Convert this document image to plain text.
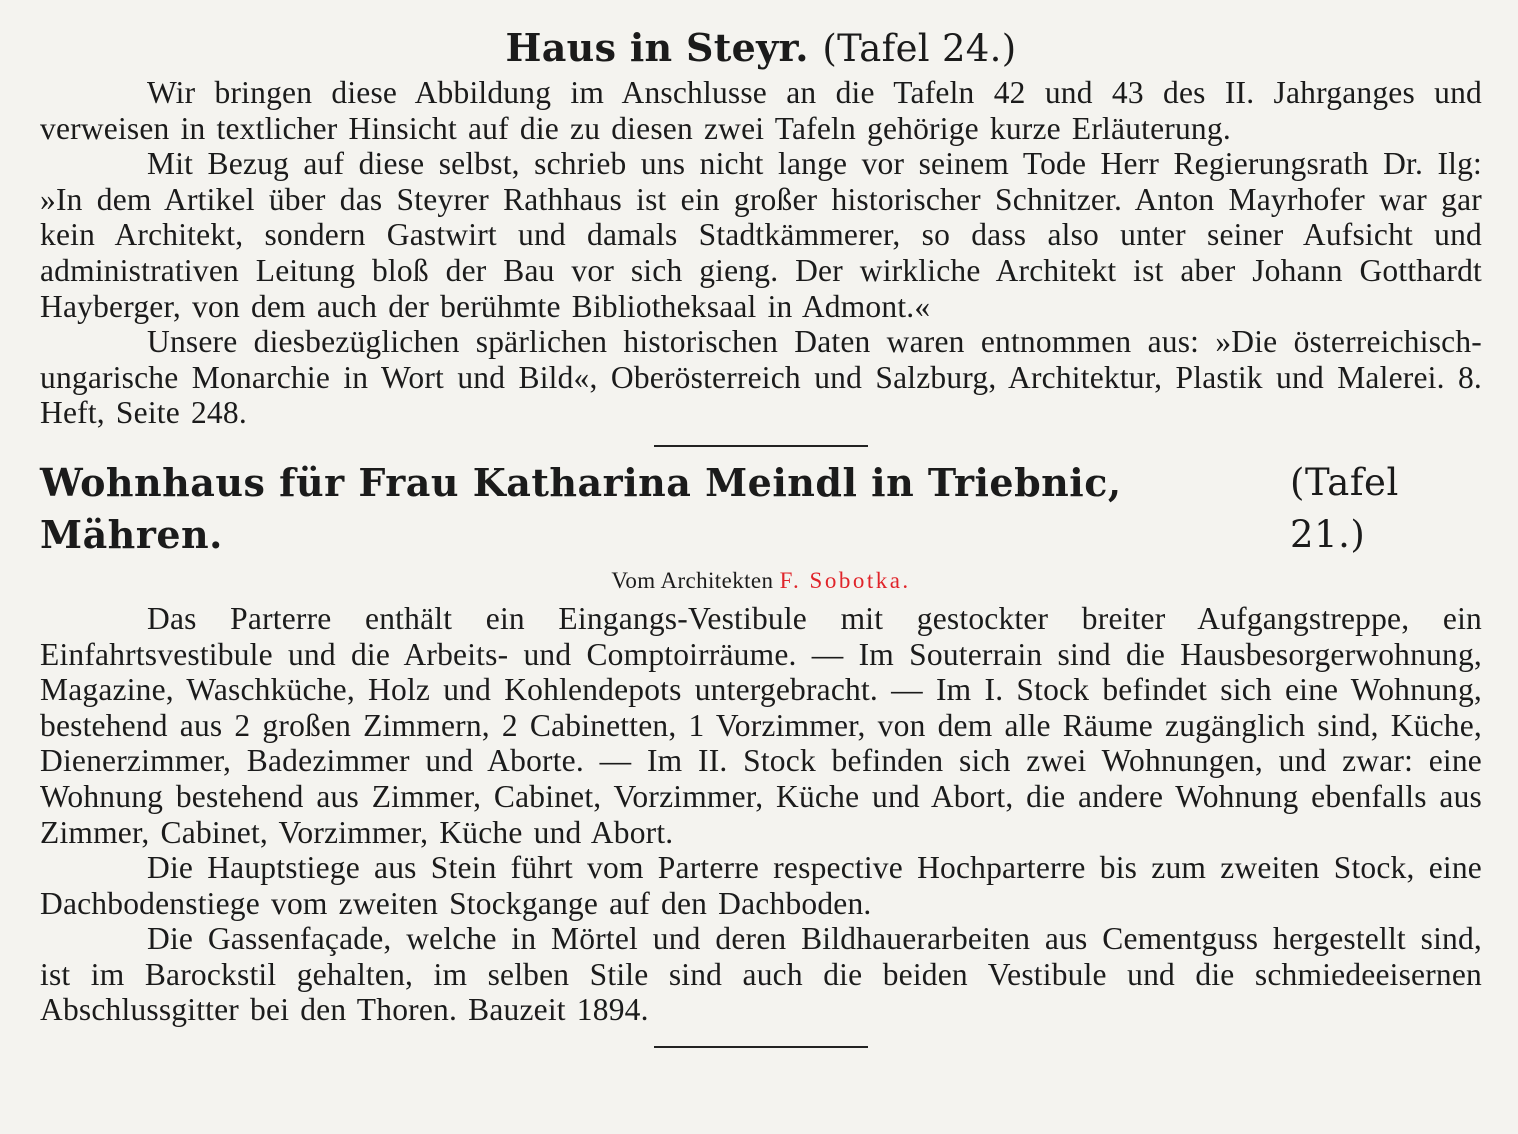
Haus in Steyr. (Tafel 24.)

Wir bringen diese Abbildung im Anschlusse an die Tafeln 42 und 43 des II. Jahrganges und verweisen in textlicher Hinsicht auf die zu diesen zwei Tafeln gehörige kurze Erläuterung.

Mit Bezug auf diese selbst, schrieb uns nicht lange vor seinem Tode Herr Regierungsrath Dr. Ilg: »In dem Artikel über das Steyrer Rathhaus ist ein großer historischer Schnitzer. Anton Mayrhofer war gar kein Architekt, sondern Gastwirt und damals Stadtkämmerer, so dass also unter seiner Aufsicht und administrativen Leitung bloß der Bau vor sich gieng. Der wirkliche Architekt ist aber Johann Gotthardt Hayberger, von dem auch der berühmte Bibliotheksaal in Admont.«

Unsere diesbezüglichen spärlichen historischen Daten waren entnommen aus: »Die österreichisch-ungarische Monarchie in Wort und Bild«, Oberösterreich und Salzburg, Architektur, Plastik und Malerei. 8. Heft, Seite 248.

Wohnhaus für Frau Katharina Meindl in Triebnic, Mähren.
(Tafel 21.)

Vom Architekten F. Sobotka.

Das Parterre enthält ein Eingangs-Vestibule mit gestockter breiter Aufgangstreppe, ein Einfahrtsvestibule und die Arbeits- und Comptoirräume. — Im Souterrain sind die Hausbesorgerwohnung, Magazine, Waschküche, Holz und Kohlendepots untergebracht. — Im I. Stock befindet sich eine Wohnung, bestehend aus 2 großen Zimmern, 2 Cabinetten, 1 Vorzimmer, von dem alle Räume zugänglich sind, Küche, Dienerzimmer, Badezimmer und Aborte. — Im II. Stock befinden sich zwei Wohnungen, und zwar: eine Wohnung bestehend aus Zimmer, Cabinet, Vorzimmer, Küche und Abort, die andere Wohnung ebenfalls aus Zimmer, Cabinet, Vorzimmer, Küche und Abort.

Die Hauptstiege aus Stein führt vom Parterre respective Hochparterre bis zum zweiten Stock, eine Dachbodenstiege vom zweiten Stockgange auf den Dachboden.

Die Gassenfaçade, welche in Mörtel und deren Bildhauerarbeiten aus Cementguss hergestellt sind, ist im Barockstil gehalten, im selben Stile sind auch die beiden Vestibule und die schmiedeeisernen Abschlussgitter bei den Thoren. Bauzeit 1894.
